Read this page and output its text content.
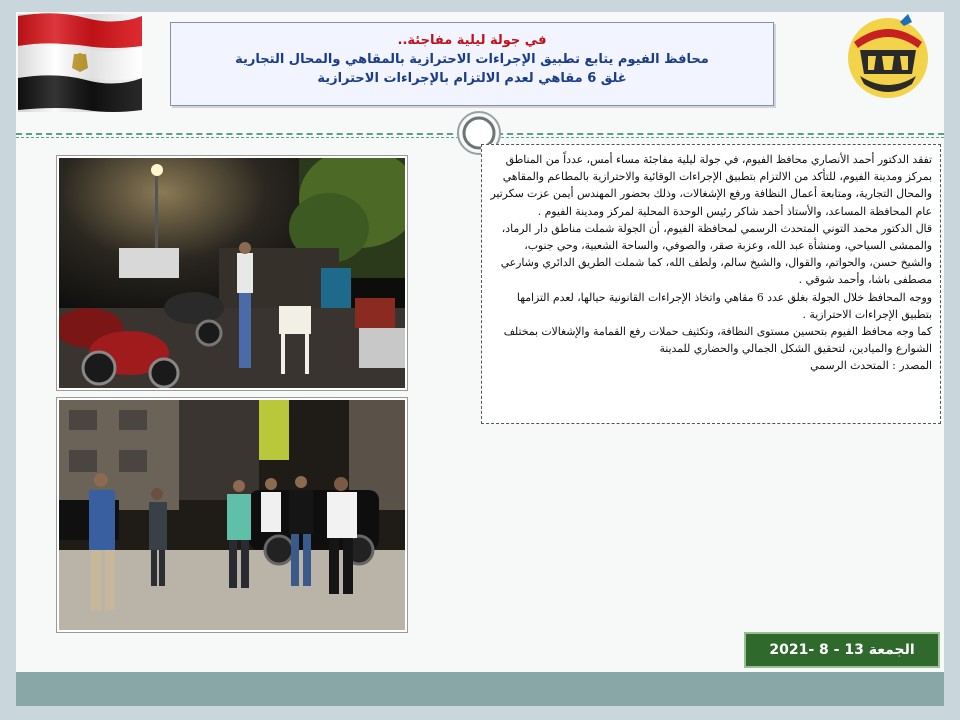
في جولة ليلية مفاجئة..

محافظ الفيوم يتابع تطبيق الإجراءات الاحترازية بالمقاهي والمحال التجارية

غلق 6 مقاهي لعدم الالتزام بالإجراءات الاحترازية

تفقد الدكتور أحمد الأنصاري محافظ الفيوم، في جولة ليلية مفاجئة مساء أمس، عدداً من المناطق بمركز ومدينة الفيوم، للتأكد من الالتزام بتطبيق الإجراءات الوقائية والاحترازية بالمطاعم والمقاهي والمحال التجارية، ومتابعة أعمال النظافة ورفع الإشغالات، وذلك بحضور المهندس أيمن عزت سكرتير عام المحافظة المساعد، والأستاذ أحمد شاكر رئيس الوحدة المحلية لمركز ومدينة الفيوم .

قال الدكتور محمد التوني المتحدث الرسمي لمحافظة الفيوم، أن الجولة شملت مناطق دار الرماد، والممشى السياحي، ومنشأة عبد الله، وعزبة صقر، والصوفي، والساحة الشعبية، وحي جنوب، والشيخ حسن، والحواتم، والقوال، والشيخ سالم، ولطف الله، كما شملت الطريق الدائري وشارعي مصطفى باشا، وأحمد شوقي .

ووجه المحافظ خلال الجولة بغلق عدد 6 مقاهي واتخاذ الإجراءات القانونية حيالها، لعدم التزامها بتطبيق الإجراءات الاحترازية .

كما وجه محافظ الفيوم بتحسين مستوى النظافة، وتكثيف حملات رفع القمامة والإشغالات بمختلف الشوارع والميادين، لتحقيق الشكل الجمالي والحضاري للمدينة

المصدر : المتحدث الرسمي

الجمعة 13 - 8 -2021
